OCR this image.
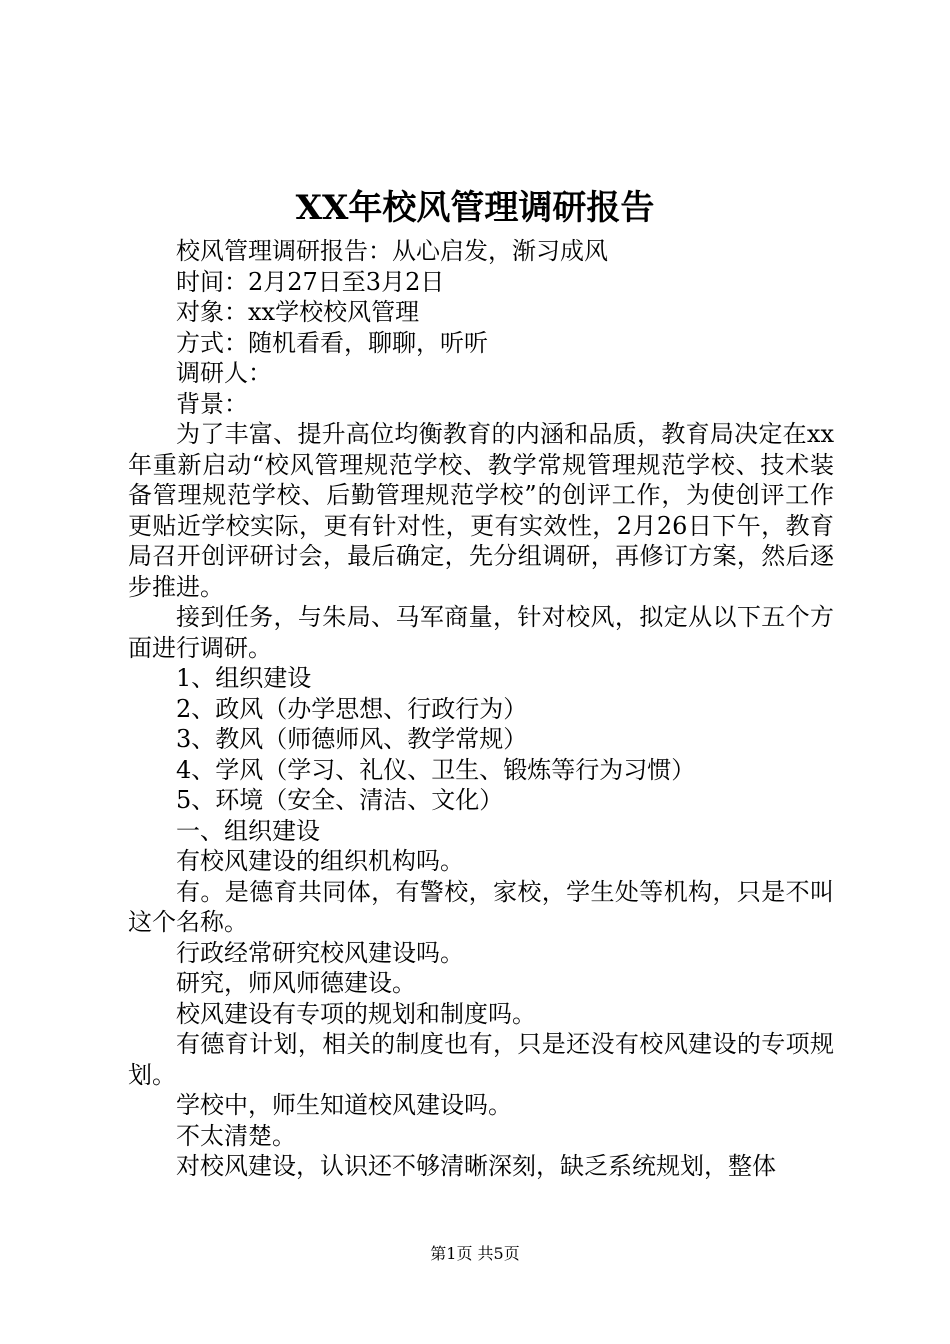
XX年校风管理调研报告

校风管理调研报告：从心启发，渐习成风

时间：2月27日至3月2日

对象：xx学校校风管理

方式：随机看看，聊聊，听听

调研人：

背景：

为了丰富、提升高位均衡教育的内涵和品质，教育局决定在xx年重新启动“校风管理规范学校、教学常规管理规范学校、技术装备管理规范学校、后勤管理规范学校”的创评工作，为使创评工作更贴近学校实际，更有针对性，更有实效性，2月26日下午，教育局召开创评研讨会，最后确定，先分组调研，再修订方案，然后逐步推进。

接到任务，与朱局、马军商量，针对校风，拟定从以下五个方面进行调研。

1、组织建设

2、政风（办学思想、行政行为）

3、教风（师德师风、教学常规）

4、学风（学习、礼仪、卫生、锻炼等行为习惯）

5、环境（安全、清洁、文化）

一、组织建设

有校风建设的组织机构吗。

有。是德育共同体，有警校，家校，学生处等机构，只是不叫这个名称。

行政经常研究校风建设吗。

研究，师风师德建设。

校风建设有专项的规划和制度吗。

有德育计划，相关的制度也有，只是还没有校风建设的专项规划。

学校中，师生知道校风建设吗。

不太清楚。

对校风建设，认识还不够清晰深刻，缺乏系统规划，整体

第1页 共5页
